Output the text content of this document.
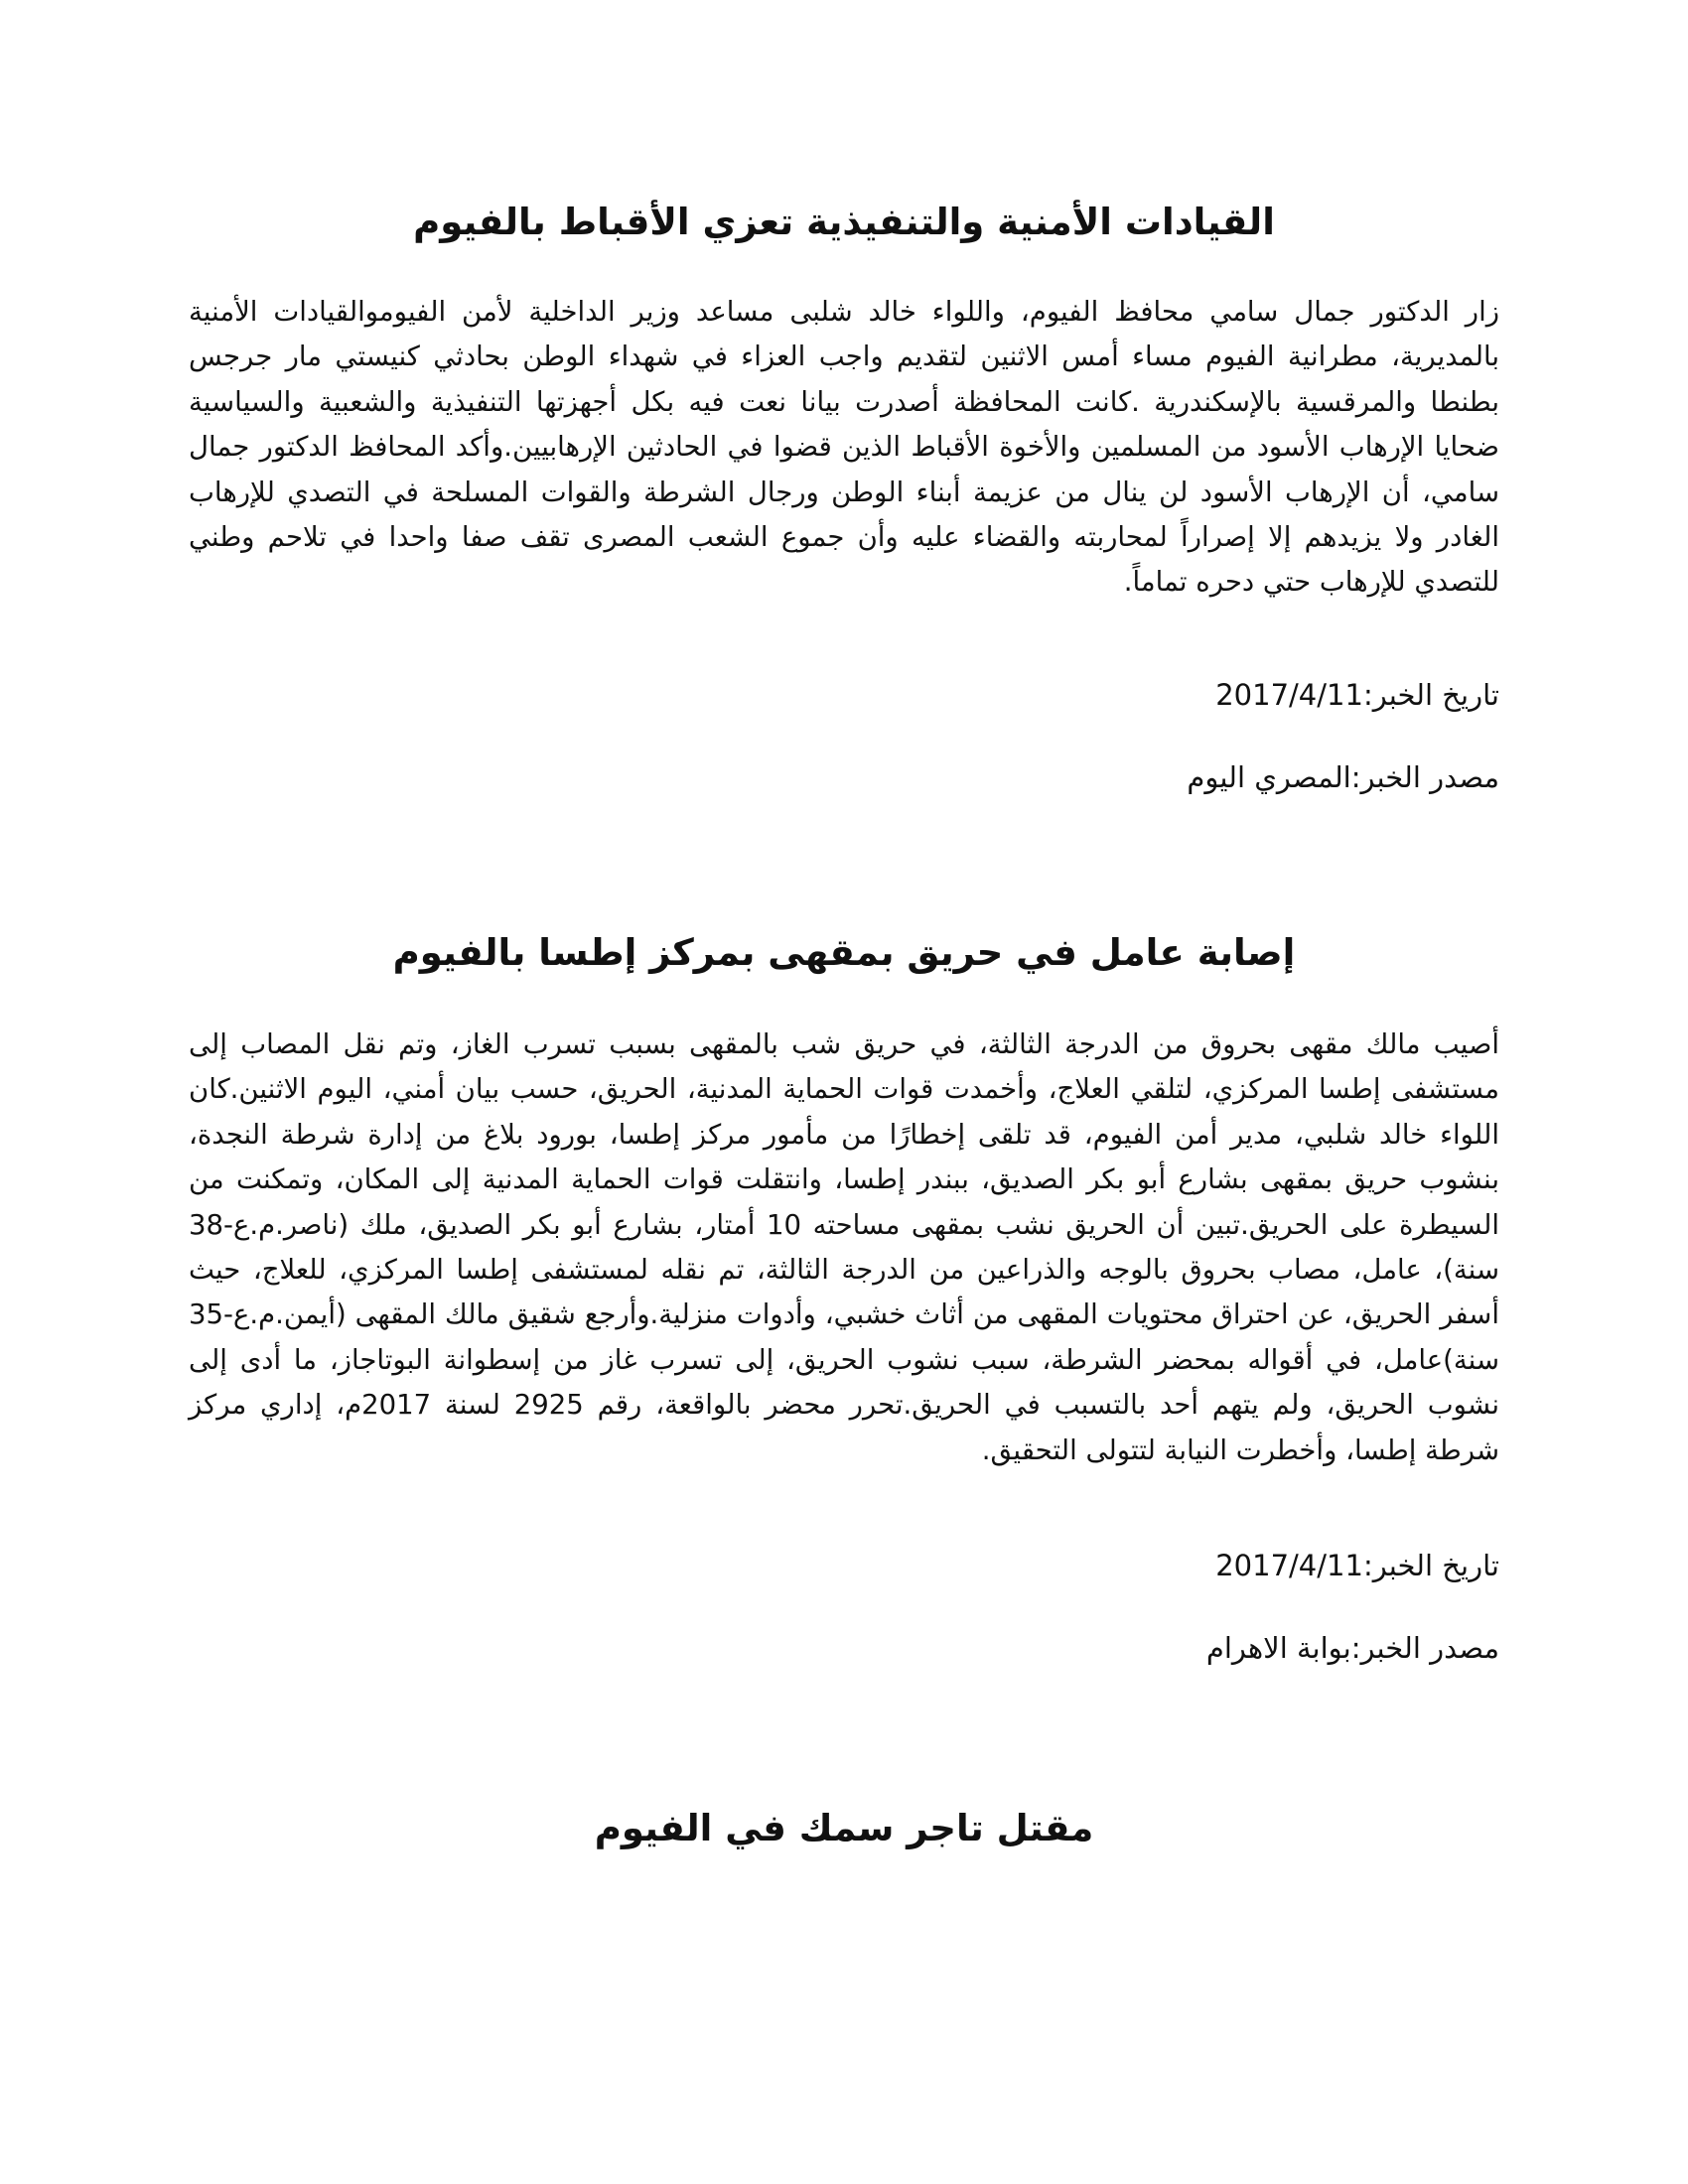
القيادات الأمنية والتنفيذية تعزي الأقباط بالفيوم

زار الدكتور جمال سامي محافظ الفيوم، واللواء خالد شلبى مساعد وزير الداخلية لأمن الفيوموالقيادات الأمنية بالمديرية، مطرانية الفيوم مساء أمس الاثنين لتقديم واجب العزاء في شهداء الوطن بحادثي كنيستي مار جرجس بطنطا والمرقسية بالإسكندرية .كانت المحافظة أصدرت بيانا نعت فيه بكل أجهزتها التنفيذية والشعبية والسياسية ضحايا الإرهاب الأسود من المسلمين والأخوة الأقباط الذين قضوا في الحادثين الإرهابيين.وأكد المحافظ الدكتور جمال سامي، أن الإرهاب الأسود لن ينال من عزيمة أبناء الوطن ورجال الشرطة والقوات المسلحة في التصدي للإرهاب الغادر ولا يزيدهم إلا إصراراً لمحاربته والقضاء عليه وأن جموع الشعب المصرى تقف صفا واحدا في تلاحم وطني للتصدي للإرهاب حتي دحره تماماً.

تاريخ الخبر:2017/4/11

مصدر الخبر:المصري اليوم

إصابة عامل في حريق بمقهى بمركز إطسا بالفيوم

أصيب مالك مقهى بحروق من الدرجة الثالثة، في حريق شب بالمقهى بسبب تسرب الغاز، وتم نقل المصاب إلى مستشفى إطسا المركزي، لتلقي العلاج، وأخمدت قوات الحماية المدنية، الحريق، حسب بيان أمني، اليوم الاثنين.كان اللواء خالد شلبي، مدير أمن الفيوم، قد تلقى إخطارًا من مأمور مركز إطسا، بورود بلاغ من إدارة شرطة النجدة، بنشوب حريق بمقهى بشارع أبو بكر الصديق، ببندر إطسا، وانتقلت قوات الحماية المدنية إلى المكان، وتمكنت من السيطرة على الحريق.تبين أن الحريق نشب بمقهى مساحته 10 أمتار، بشارع أبو بكر الصديق، ملك (ناصر.م.ع-38 سنة)، عامل، مصاب بحروق بالوجه والذراعين من الدرجة الثالثة، تم نقله لمستشفى إطسا المركزي، للعلاج، حيث أسفر الحريق، عن احتراق محتويات المقهى من أثاث خشبي، وأدوات منزلية.وأرجع شقيق مالك المقهى (أيمن.م.ع-35 سنة)عامل، في أقواله بمحضر الشرطة، سبب نشوب الحريق، إلى تسرب غاز من إسطوانة البوتاجاز، ما أدى إلى نشوب الحريق، ولم يتهم أحد بالتسبب في الحريق.تحرر محضر بالواقعة، رقم 2925 لسنة 2017م، إداري مركز شرطة إطسا، وأخطرت النيابة لتتولى التحقيق.

تاريخ الخبر:2017/4/11

مصدر الخبر:بوابة الاهرام

مقتل تاجر سمك في الفيوم
